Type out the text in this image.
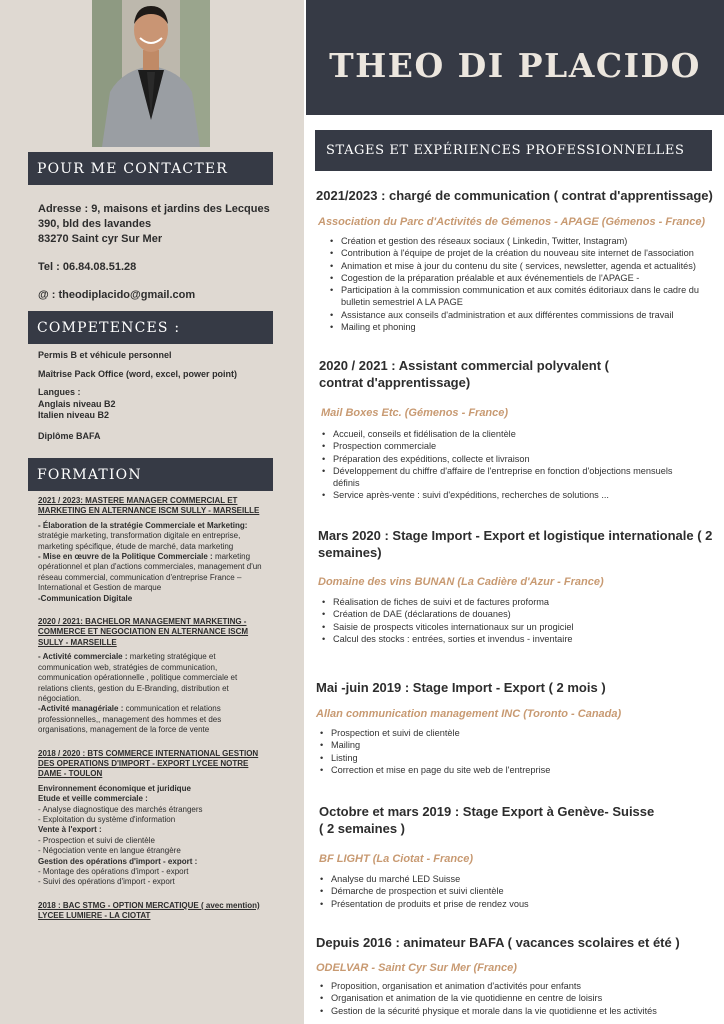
POUR ME CONTACTER
Adresse : 9, maisons et jardins des Lecques
390, bld des lavandes
83270 Saint cyr Sur Mer
Tel : 06.84.08.51.28
@ : theodiplacido@gmail.com
COMPETENCES :
Permis B et véhicule personnel
Maîtrise Pack Office (word, excel, power point)
Langues :
Anglais niveau B2
Italien niveau B2
Diplôme BAFA
FORMATION
2021 / 2023: MASTERE MANAGER COMMERCIAL ET MARKETING EN ALTERNANCE ISCM SULLY - MARSEILLE
- Élaboration de la stratégie Commerciale et Marketing: stratégie marketing, transformation digitale en entreprise, marketing spécifique, étude de marché, data marketing
- Mise en œuvre de la Politique Commerciale : marketing opérationnel et plan d'actions commerciales, management d'un réseau commercial, communication d'entreprise France – International et Gestion de marque
-Communication Digitale
2020 / 2021: BACHELOR MANAGEMENT MARKETING - COMMERCE ET NEGOCIATION EN ALTERNANCE ISCM SULLY - MARSEILLE
- Activité commerciale : marketing stratégique et communication web, stratégies de communication, communication opérationnelle , politique commerciale et relations clients, gestion du E-Branding, distribution et négociation.
-Activité managériale : communication et relations professionnelles,, management des hommes et des organisations, management de la force de vente
2018 / 2020 : BTS COMMERCE INTERNATIONAL GESTION DES OPERATIONS D'IMPORT - EXPORT LYCEE NOTRE DAME - TOULON
Environnement économique et juridique
Etude et veille commerciale :
- Analyse diagnostique des marchés étrangers
- Exploitation du système d'information
Vente à l'export :
- Prospection et suivi de clientèle
- Négociation vente en langue étrangère
Gestion des opérations d'import - export :
- Montage des opérations d'import - export
- Suivi des opérations d'import - export
2018 : BAC STMG - OPTION MERCATIQUE ( avec mention) LYCEE LUMIERE - LA CIOTAT
THEO DI PLACIDO
STAGES ET EXPÉRIENCES PROFESSIONNELLES
2021/2023 : chargé de communication ( contrat d'apprentissage)
Association du Parc d'Activités de Gémenos - APAGE (Gémenos - France)
• Création et gestion des réseaux sociaux ( Linkedin, Twitter, Instagram)
• Contribution à l'équipe de projet de la création du nouveau site internet de l'association
• Animation et mise à jour du contenu du site ( services, newsletter, agenda et actualités)
• Cogestion de la préparation préalable et aux événementiels de l'APAGE -
• Participation à la commission communication et aux comités éditoriaux dans le cadre du bulletin semestriel A LA PAGE
• Assistance aux conseils d'administration et aux différentes commissions de travail
• Mailing et phoning
2020 / 2021 : Assistant commercial polyvalent ( contrat d'apprentissage)
Mail Boxes Etc. (Gémenos - France)
• Accueil, conseils et fidélisation de la clientèle
• Prospection commerciale
• Préparation des expéditions, collecte et livraison
• Développement du chiffre d'affaire de l'entreprise en fonction d'objections mensuels définis
• Service après-vente : suivi d'expéditions, recherches de solutions ...
Mars 2020 : Stage Import - Export et logistique internationale ( 2 semaines)
Domaine des vins BUNAN (La Cadière d'Azur - France)
• Réalisation de fiches de suivi et de factures proforma
• Création de DAE (déclarations de douanes)
• Saisie de prospects viticoles internationaux sur un progiciel
• Calcul des stocks : entrées, sorties et invendus - inventaire
Mai -juin 2019 : Stage Import - Export ( 2 mois )
Allan communication management INC (Toronto - Canada)
• Prospection et suivi de clientèle
• Mailing
• Listing
• Correction et mise en page du site web de l'entreprise
Octobre et mars 2019 : Stage Export à Genève- Suisse ( 2 semaines )
BF LIGHT (La Ciotat - France)
• Analyse du marché LED Suisse
• Démarche de prospection et suivi clientèle
• Présentation de produits et prise de rendez vous
Depuis 2016 : animateur BAFA ( vacances scolaires et été )
ODELVAR - Saint Cyr Sur Mer (France)
• Proposition, organisation et animation d'activités pour enfants
• Organisation et animation de la vie quotidienne en centre de loisirs
• Gestion de la sécurité physique et morale dans la vie quotidienne et les activités
